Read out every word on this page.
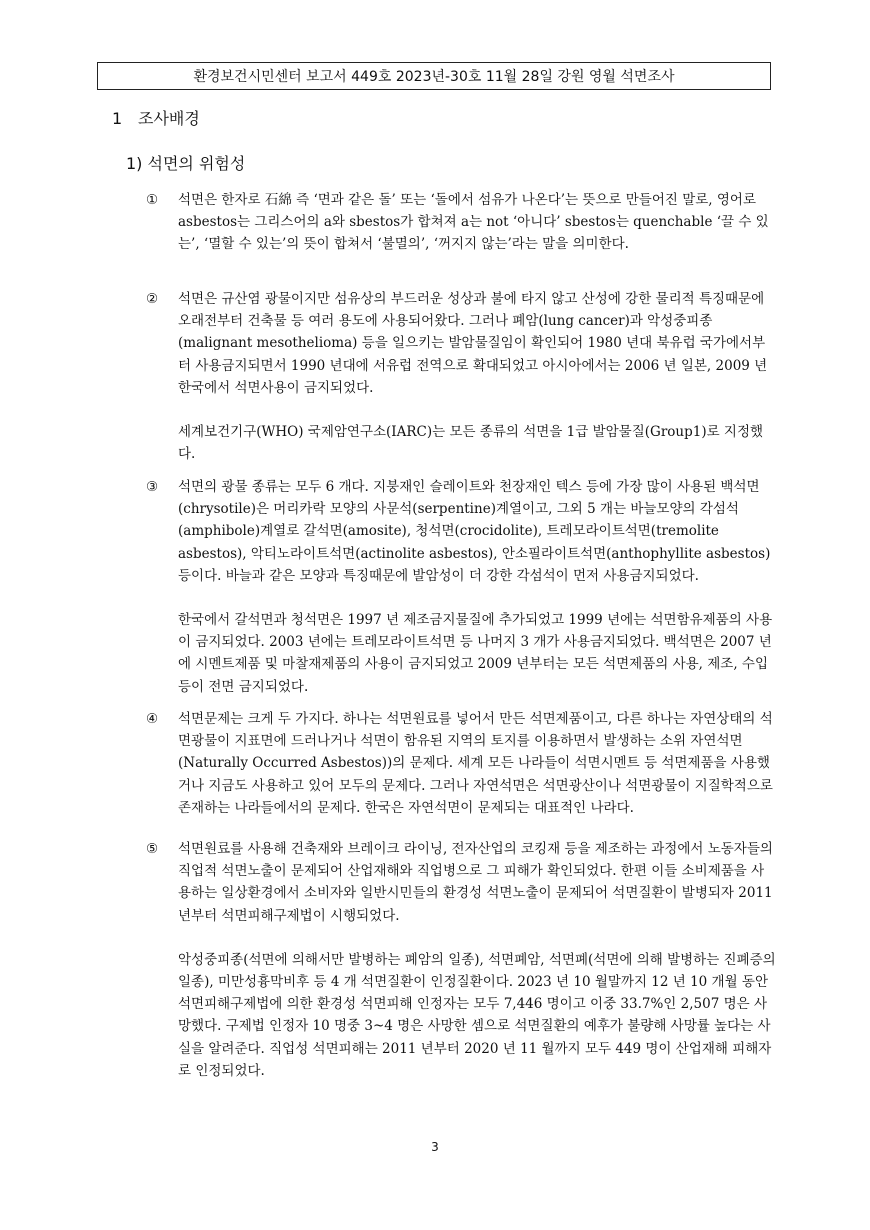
환경보건시민센터 보고서 449호 2023년-30호 11월 28일 강원 영월 석면조사
1 조사배경
1) 석면의 위험성
① 석면은 한자로 石綿 즉 ‘면과 같은 돌’ 또는 ‘돌에서 섬유가 나온다’는 뜻으로 만들어진 말로, 영어로 asbestos는 그리스어의 a와 sbestos가 합쳐져 a는 not ‘아니다’ sbestos는 quenchable ‘끌 수 있는’, ‘멸할 수 있는’의 뜻이 합쳐서 ‘불멸의’, ‘꺼지지 않는’라는 말을 의미한다.

② 석면은 규산염 광물이지만 섬유상의 부드러운 성상과 불에 타지 않고 산성에 강한 물리적 특징때문에 오래전부터 건축물 등 여러 용도에 사용되어왔다. 그러나 폐암(lung cancer)과 악성중피종(malignant mesothelioma) 등을 일으키는 발암물질임이 확인되어 1980 년대 북유럽 국가에서부터 사용금지되면서 1990 년대에 서유럽 전역으로 확대되었고 아시아에서는 2006 년 일본, 2009 년 한국에서 석면사용이 금지되었다.

세계보건기구(WHO) 국제암연구소(IARC)는 모든 종류의 석면을 1급 발암물질(Group1)로 지정했다.

③ 석면의 광물 종류는 모두 6 개다. 지붕재인 슬레이트와 천장재인 텍스 등에 가장 많이 사용된 백석면(chrysotile)은 머리카락 모양의 사문석(serpentine)계열이고, 그외 5 개는 바늘모양의 각섬석(amphibole)계열로 갈석면(amosite), 청석면(crocidolite), 트레모라이트석면(tremolite asbestos), 악티노라이트석면(actinolite asbestos), 안소필라이트석면(anthophyllite asbestos) 등이다. 바늘과 같은 모양과 특징때문에 발암성이 더 강한 각섬석이 먼저 사용금지되었다.

한국에서 갈석면과 청석면은 1997 년 제조금지물질에 추가되었고 1999 년에는 석면함유제품의 사용이 금지되었다. 2003 년에는 트레모라이트석면 등 나머지 3 개가 사용금지되었다. 백석면은 2007 년에 시멘트제품 및 마찰재제품의 사용이 금지되었고 2009 년부터는 모든 석면제품의 사용, 제조, 수입 등이 전면 금지되었다.

④ 석면문제는 크게 두 가지다. 하나는 석면원료를 넣어서 만든 석면제품이고, 다른 하나는 자연상태의 석면광물이 지표면에 드러나거나 석면이 함유된 지역의 토지를 이용하면서 발생하는 소위 자연석면(Naturally Occurred Asbestos))의 문제다. 세계 모든 나라들이 석면시멘트 등 석면제품을 사용했거나 지금도 사용하고 있어 모두의 문제다. 그러나 자연석면은 석면광산이나 석면광물이 지질학적으로 존재하는 나라들에서의 문제다. 한국은 자연석면이 문제되는 대표적인 나라다.

⑤ 석면원료를 사용해 건축재와 브레이크 라이닝, 전자산업의 코킹재 등을 제조하는 과정에서 노동자들의 직업적 석면노출이 문제되어 산업재해와 직업병으로 그 피해가 확인되었다. 한편 이들 소비제품을 사용하는 일상환경에서 소비자와 일반시민들의 환경성 석면노출이 문제되어 석면질환이 발병되자 2011 년부터 석면피해구제법이 시행되었다.

악성중피종(석면에 의해서만 발병하는 폐암의 일종), 석면폐암, 석면폐(석면에 의해 발병하는 진폐증의 일종), 미만성흉막비후 등 4 개 석면질환이 인정질환이다. 2023 년 10 월말까지 12 년 10 개월 동안 석면피해구제법에 의한 환경성 석면피해 인정자는 모두 7,446 명이고 이중 33.7%인 2,507 명은 사망했다. 구제법 인정자 10 명중 3~4 명은 사망한 셈으로 석면질환의 예후가 불량해 사망률 높다는 사실을 알려준다. 직업성 석면피해는 2011 년부터 2020 년 11 월까지 모두 449 명이 산업재해 피해자로 인정되었다.

3
